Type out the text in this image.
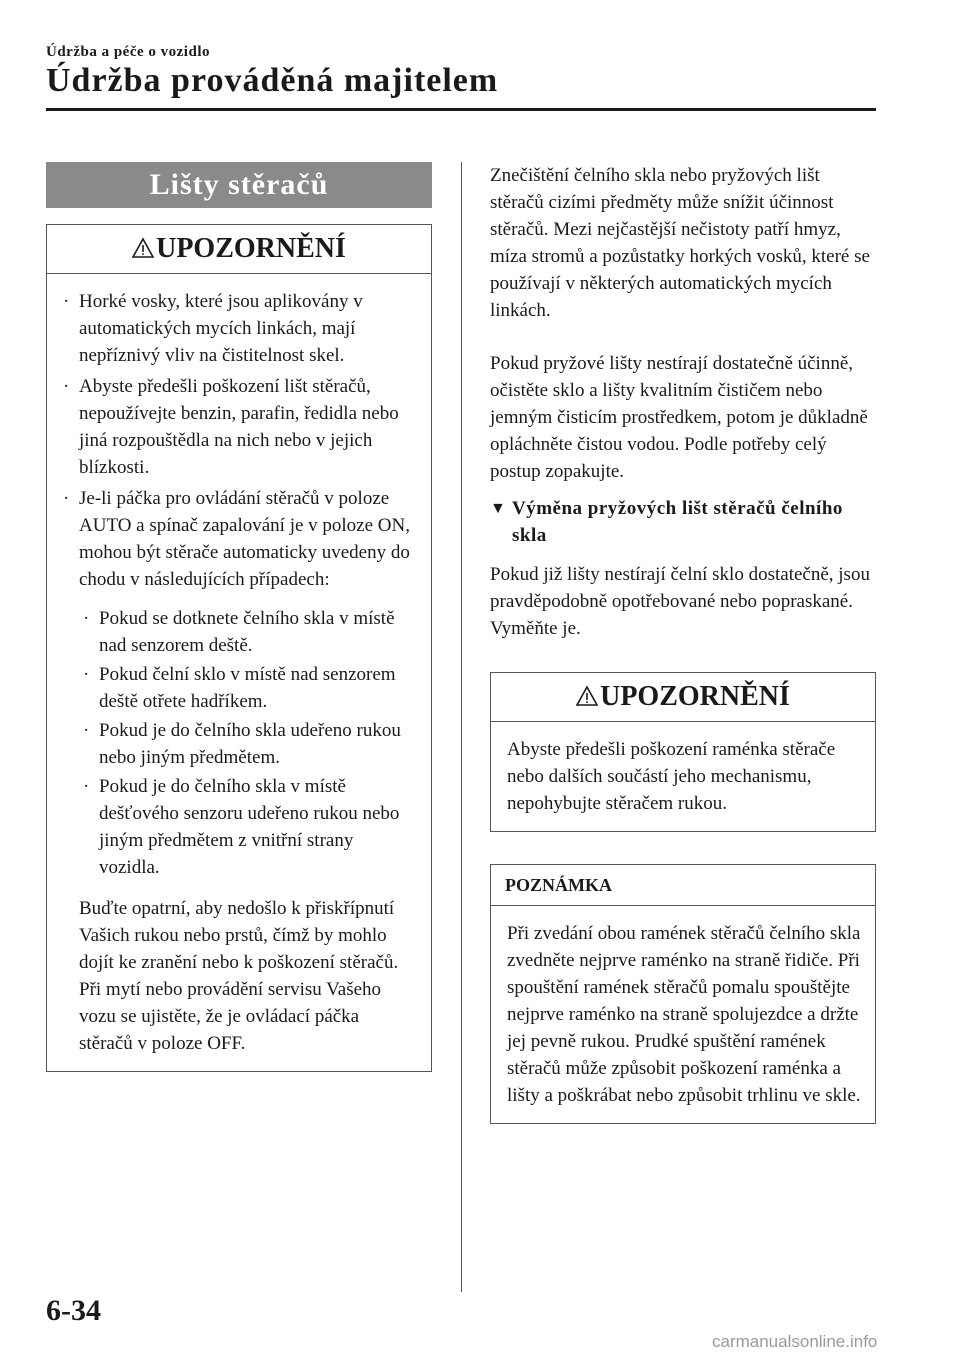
Údržba a péče o vozidlo
Údržba prováděná majitelem
Lišty stěračů
UPOZORNĚNÍ
· Horké vosky, které jsou aplikovány v automatických mycích linkách, mají nepříznivý vliv na čistitelnost skel.
· Abyste předešli poškození lišt stěračů, nepoužívejte benzin, parafin, ředidla nebo jiná rozpouštědla na nich nebo v jejich blízkosti.
· Je-li páčka pro ovládání stěračů v poloze AUTO a spínač zapalování je v poloze ON, mohou být stěrače automaticky uvedeny do chodu v následujících případech:
· Pokud se dotknete čelního skla v místě nad senzorem deště.
· Pokud čelní sklo v místě nad senzorem deště otřete hadříkem.
· Pokud je do čelního skla udeřeno rukou nebo jiným předmětem.
· Pokud je do čelního skla v místě dešťového senzoru udeřeno rukou nebo jiným předmětem z vnitřní strany vozidla.

Buďte opatrní, aby nedošlo k přiskřípnutí Vašich rukou nebo prstů, čímž by mohlo dojít ke zranění nebo k poškození stěračů. Při mytí nebo provádění servisu Vašeho vozu se ujistěte, že je ovládací páčka stěračů v poloze OFF.

Znečištění čelního skla nebo pryžových lišt stěračů cizími předměty může snížit účinnost stěračů. Mezi nejčastější nečistoty patří hmyz, míza stromů a pozůstatky horkých vosků, které se používají v některých automatických mycích linkách.

Pokud pryžové lišty nestírají dostatečně účinně, očistěte sklo a lišty kvalitním čističem nebo jemným čisticím prostředkem, potom je důkladně opláchněte čistou vodou. Podle potřeby celý postup zopakujte.

▼ Výměna pryžových lišt stěračů čelního skla

Pokud již lišty nestírají čelní sklo dostatečně, jsou pravděpodobně opotřebované nebo popraskané. Vyměňte je.

UPOZORNĚNÍ

Abyste předešli poškození raménka stěrače nebo dalších součástí jeho mechanismu, nepohybujte stěračem rukou.

POZNÁMKA

Při zvedání obou ramének stěračů čelního skla zvedněte nejprve raménko na straně řidiče. Při spouštění ramének stěračů pomalu spouštějte nejprve raménko na straně spolujezdce a držte jej pevně rukou. Prudké spuštění ramének stěračů může způsobit poškození raménka a lišty a poškrábat nebo způsobit trhlinu ve skle.

6-34
carmanualsonline.info
